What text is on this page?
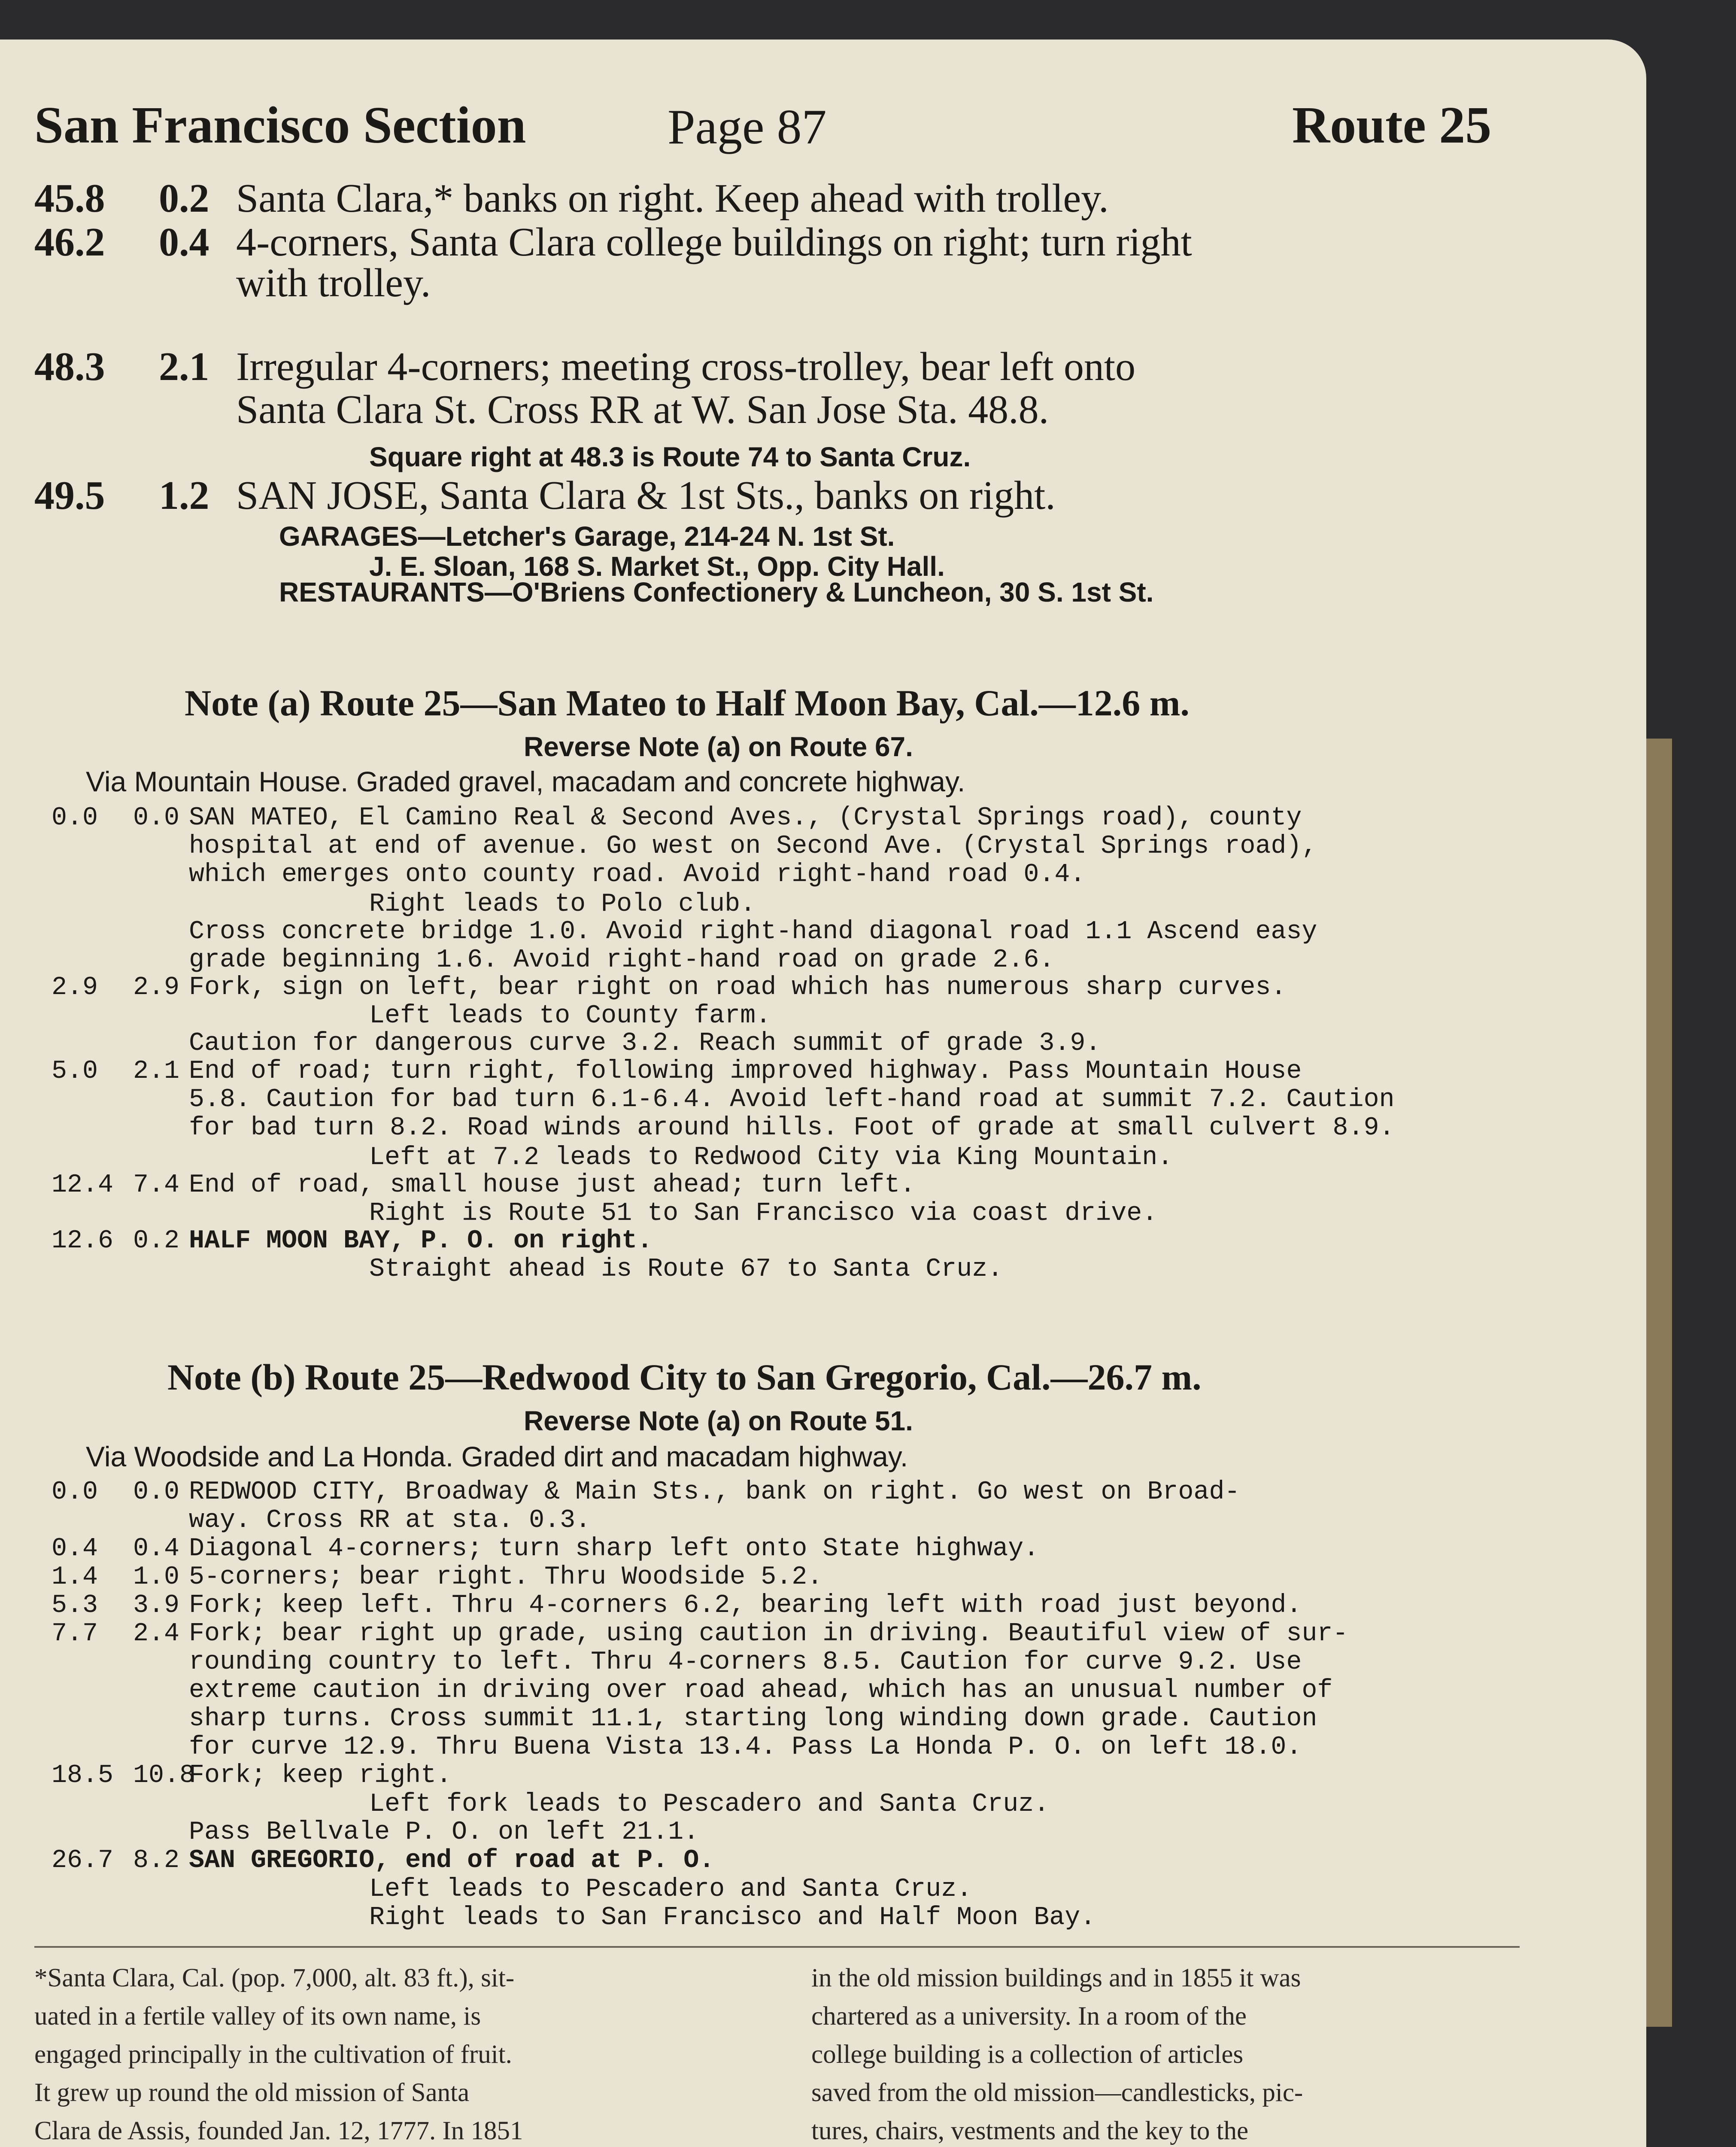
San Francisco Section	Page 87	Route 25
45.8 0.2 Santa Clara,* banks on right. Keep ahead with trolley.
46.2 0.4 4-corners, Santa Clara college buildings on right; turn right
with trolley.
48.3 2.1 Irregular 4-corners; meeting cross-trolley, bear left onto
Santa Clara St. Cross RR at W. San Jose Sta. 48.8.
Square right at 48.3 is Route 74 to Santa Cruz.
49.5 1.2 SAN JOSE, Santa Clara & 1st Sts., banks on right.
GARAGES—Letcher's Garage, 214-24 N. 1st St.
J. E. Sloan, 168 S. Market St., Opp. City Hall.
RESTAURANTS—O'Briens Confectionery & Luncheon, 30 S. 1st St.
Note (a) Route 25—San Mateo to Half Moon Bay, Cal.—12.6 m.
Reverse Note (a) on Route 67.
Via Mountain House. Graded gravel, macadam and concrete highway.
0.0 0.0 SAN MATEO, El Camino Real & Second Aves., (Crystal Springs road), county
hospital at end of avenue. Go west on Second Ave. (Crystal Springs road),
which emerges onto county road. Avoid right-hand road 0.4.
Right leads to Polo club.
Cross concrete bridge 1.0. Avoid right-hand diagonal road 1.1 Ascend easy
grade beginning 1.6. Avoid right-hand road on grade 2.6.
2.9 2.9 Fork, sign on left, bear right on road which has numerous sharp curves.
Left leads to County farm.
Caution for dangerous curve 3.2. Reach summit of grade 3.9.
5.0 2.1 End of road; turn right, following improved highway. Pass Mountain House
5.8. Caution for bad turn 6.1-6.4. Avoid left-hand road at summit 7.2. Caution
for bad turn 8.2. Road winds around hills. Foot of grade at small culvert 8.9.
Left at 7.2 leads to Redwood City via King Mountain.
12.4 7.4 End of road, small house just ahead; turn left.
Right is Route 51 to San Francisco via coast drive.
12.6 0.2 HALF MOON BAY, P. O. on right.
Straight ahead is Route 67 to Santa Cruz.
Note (b) Route 25—Redwood City to San Gregorio, Cal.—26.7 m.
Reverse Note (a) on Route 51.
Via Woodside and La Honda. Graded dirt and macadam highway.
0.0 0.0 REDWOOD CITY, Broadway & Main Sts., bank on right. Go west on Broad-
way. Cross RR at sta. 0.3.
0.4 0.4 Diagonal 4-corners; turn sharp left onto State highway.
1.4 1.0 5-corners; bear right. Thru Woodside 5.2.
5.3 3.9 Fork; keep left. Thru 4-corners 6.2, bearing left with road just beyond.
7.7 2.4 Fork; bear right up grade, using caution in driving. Beautiful view of sur-
rounding country to left. Thru 4-corners 8.5. Caution for curve 9.2. Use
extreme caution in driving over road ahead, which has an unusual number of
sharp turns. Cross summit 11.1, starting long winding down grade. Caution
for curve 12.9. Thru Buena Vista 13.4. Pass La Honda P. O. on left 18.0.
18.5 10.8
Fork; keep right.
Left fork leads to Pescadero and Santa Cruz.
Pass Bellvale P. O. on left 21.1.
26.7 8.2 SAN GREGORIO, end of road at P. O.
Left leads to Pescadero and Santa Cruz.
Right leads to San Francisco and Half Moon Bay.
*Santa Clara, Cal. (pop. 7,000, alt. 83 ft.), sit-
uated in a fertile valley of its own name, is
engaged principally in the cultivation of fruit.
It grew up round the old mission of Santa
Clara de Assis, founded Jan. 12, 1777. In 1851
in the old mission buildings and in 1855 it was
chartered as a university. In a room of the
college building is a collection of articles
saved from the old mission—candlesticks, pic-
tures, chairs, vestments and the key to the
